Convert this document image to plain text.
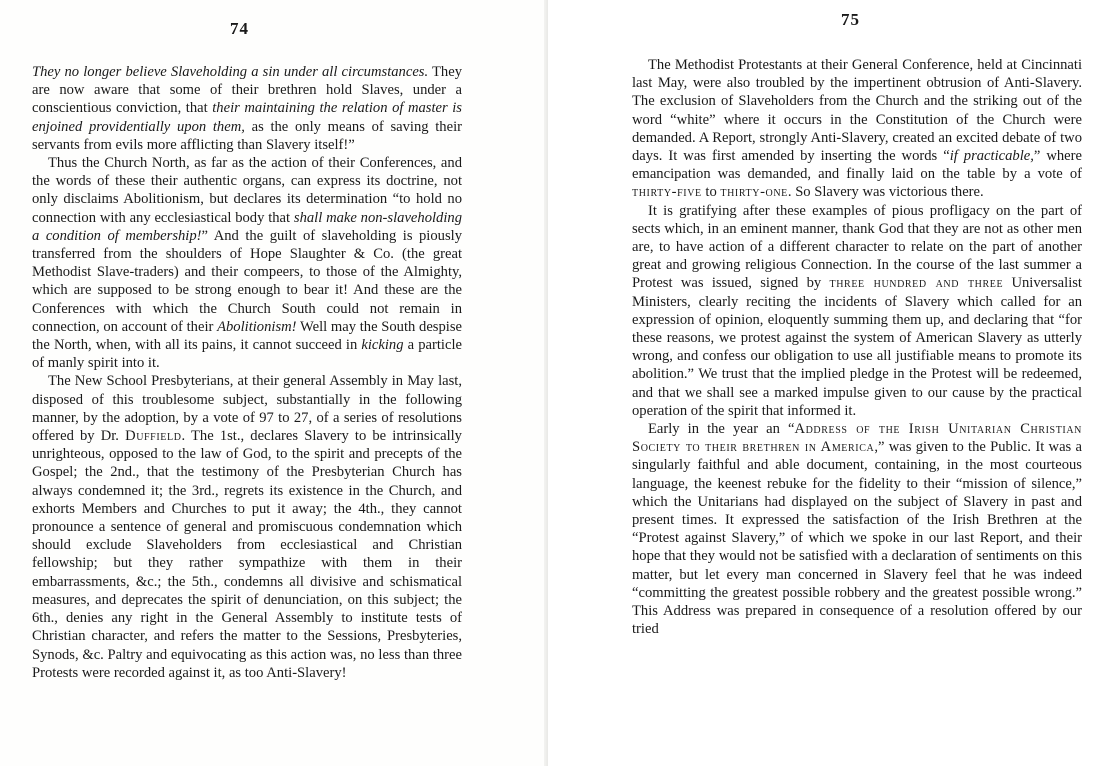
74

They no longer believe Slaveholding a sin under all circumstances. They are now aware that some of their brethren hold Slaves, under a conscientious conviction, that their maintaining the relation of master is enjoined providentially upon them, as the only means of saving their servants from evils more afflicting than Slavery itself!”

Thus the Church North, as far as the action of their Conferences, and the words of these their authentic organs, can express its doctrine, not only disclaims Abolitionism, but declares its determination “to hold no connection with any ecclesiastical body that shall make non-slaveholding a condition of membership!” And the guilt of slaveholding is piously transferred from the shoulders of Hope Slaughter & Co. (the great Methodist Slave-traders) and their compeers, to those of the Almighty, which are supposed to be strong enough to bear it! And these are the Conferences with which the Church South could not remain in connection, on account of their Abolitionism! Well may the South despise the North, when, with all its pains, it cannot succeed in kicking a particle of manly spirit into it.

The New School Presbyterians, at their general Assembly in May last, disposed of this troublesome subject, substantially in the following manner, by the adoption, by a vote of 97 to 27, of a series of resolutions offered by Dr. Duffield. The 1st., declares Slavery to be intrinsically unrighteous, opposed to the law of God, to the spirit and precepts of the Gospel; the 2nd., that the testimony of the Presbyterian Church has always condemned it; the 3rd., regrets its existence in the Church, and exhorts Members and Churches to put it away; the 4th., they cannot pronounce a sentence of general and promiscuous condemnation which should exclude Slaveholders from ecclesiastical and Christian fellowship; but they rather sympathize with them in their embarrassments, &c.; the 5th., condemns all divisive and schismatical measures, and deprecates the spirit of denunciation, on this subject; the 6th., denies any right in the General Assembly to institute tests of Christian character, and refers the matter to the Sessions, Presbyteries, Synods, &c. Paltry and equivocating as this action was, no less than three Protests were recorded against it, as too Anti-Slavery!

75

The Methodist Protestants at their General Conference, held at Cincinnati last May, were also troubled by the impertinent obtrusion of Anti-Slavery. The exclusion of Slaveholders from the Church and the striking out of the word “white” where it occurs in the Constitution of the Church were demanded. A Report, strongly Anti-Slavery, created an excited debate of two days. It was first amended by inserting the words “if practicable,” where emancipation was demanded, and finally laid on the table by a vote of thirty-five to thirty-one. So Slavery was victorious there.

It is gratifying after these examples of pious profligacy on the part of sects which, in an eminent manner, thank God that they are not as other men are, to have action of a different character to relate on the part of another great and growing religious Connection. In the course of the last summer a Protest was issued, signed by three hundred and three Universalist Ministers, clearly reciting the incidents of Slavery which called for an expression of opinion, eloquently summing them up, and declaring that “for these reasons, we protest against the system of American Slavery as utterly wrong, and confess our obligation to use all justifiable means to promote its abolition.” We trust that the implied pledge in the Protest will be redeemed, and that we shall see a marked impulse given to our cause by the practical operation of the spirit that informed it.

Early in the year an “Address of the Irish Unitarian Christian Society to their brethren in America,” was given to the Public. It was a singularly faithful and able document, containing, in the most courteous language, the keenest rebuke for the fidelity to their “mission of silence,” which the Unitarians had displayed on the subject of Slavery in past and present times. It expressed the satisfaction of the Irish Brethren at the “Protest against Slavery,” of which we spoke in our last Report, and their hope that they would not be satisfied with a declaration of sentiments on this matter, but let every man concerned in Slavery feel that he was indeed “committing the greatest possible robbery and the greatest possible wrong.” This Address was prepared in consequence of a resolution offered by our tried
